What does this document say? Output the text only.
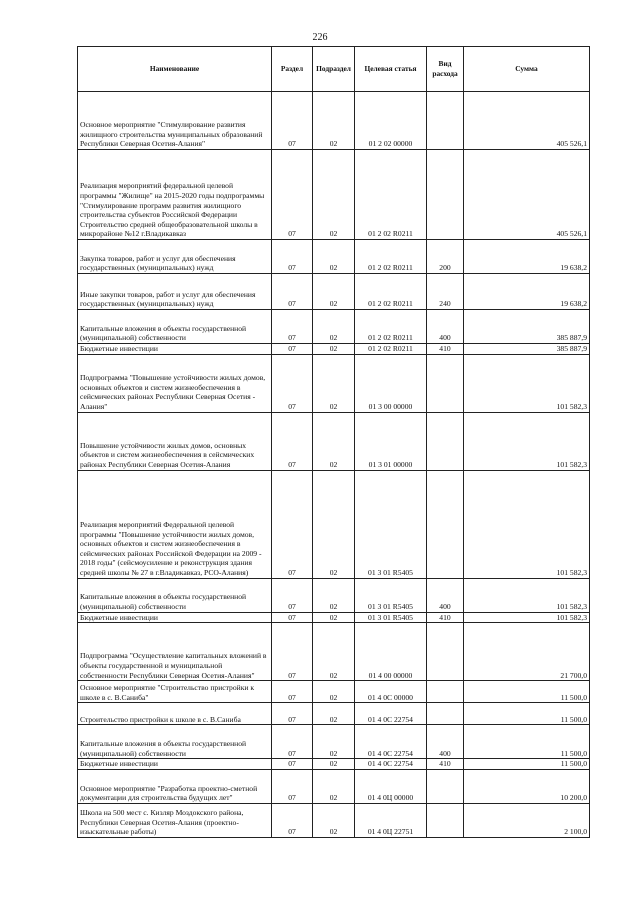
226
Наименование	Раздел	Подраздел	Целевая статья	Вид расхода	Сумма
Основное мероприятие "Стимулирование развития жилищного строительства муниципальных образований Республики Северная Осетия-Алания"	07	02	01 2 02 00000		405 526,1
Реализация мероприятий федеральной целевой программы "Жилище" на 2015-2020 годы подпрограммы "Стимулирование программ развития жилищного строительства субъектов Российской Федерации Строительство средней общеобразовательной школы в микрорайоне №12 г.Владикавказ	07	02	01 2 02 R0211		405 526,1
Закупка товаров, работ и услуг для обеспечения государственных (муниципальных) нужд	07	02	01 2 02 R0211	200	19 638,2
Иные закупки товаров, работ и услуг для обеспечения государственных (муниципальных) нужд	07	02	01 2 02 R0211	240	19 638,2
Капитальные вложения в объекты государственной (муниципальной) собственности	07	02	01 2 02 R0211	400	385 887,9
Бюджетные инвестиции	07	02	01 2 02 R0211	410	385 887,9
Подпрограмма "Повышение устойчивости жилых домов, основных объектов и систем жизнеобеспечения в сейсмических районах Республики Северная Осетия - Алания"	07	02	01 3 00 00000		101 582,3
Повышение устойчивости жилых домов, основных объектов и систем жизнеобеспечения в сейсмических районах Республики Северная Осетия-Алания	07	02	01 3 01 00000		101 582,3
Реализация мероприятий Федеральной целевой программы "Повышение устойчивости жилых домов, основных объектов и систем жизнеобеспечения в сейсмических районах Российской Федерации на 2009 - 2018 годы" (сейсмоусиление и реконструкция здания средней школы № 27 в г.Владикавказ, РСО-Алания)	07	02	01 3 01 R5405		101 582,3
Капитальные вложения в объекты государственной (муниципальной) собственности	07	02	01 3 01 R5405	400	101 582,3
Бюджетные инвестиции	07	02	01 3 01 R5405	410	101 582,3
Подпрограмма "Осуществление капитальных вложений в объекты государственной и муниципальной собственности Республики Северная Осетия-Алания"	07	02	01 4 00 00000		21 700,0
Основное мероприятие "Строительство пристройки к школе в с. В.Саниба"	07	02	01 4 0С 00000		11 500,0
Строительство пристройки к школе в с. В.Саниба	07	02	01 4 0С 22754		11 500,0
Капитальные вложения в объекты государственной (муниципальной) собственности	07	02	01 4 0С 22754	400	11 500,0
Бюджетные инвестиции	07	02	01 4 0С 22754	410	11 500,0
Основное мероприятие "Разработка проектно-сметной документации для строительства будущих лет"	07	02	01 4 0Ц 00000		10 200,0
Школа на 500 мест с. Кизляр Моздокского района, Республики Северная Осетия-Алания (проектно-изыскательные работы)	07	02	01 4 0Ц 22751		2 100,0
